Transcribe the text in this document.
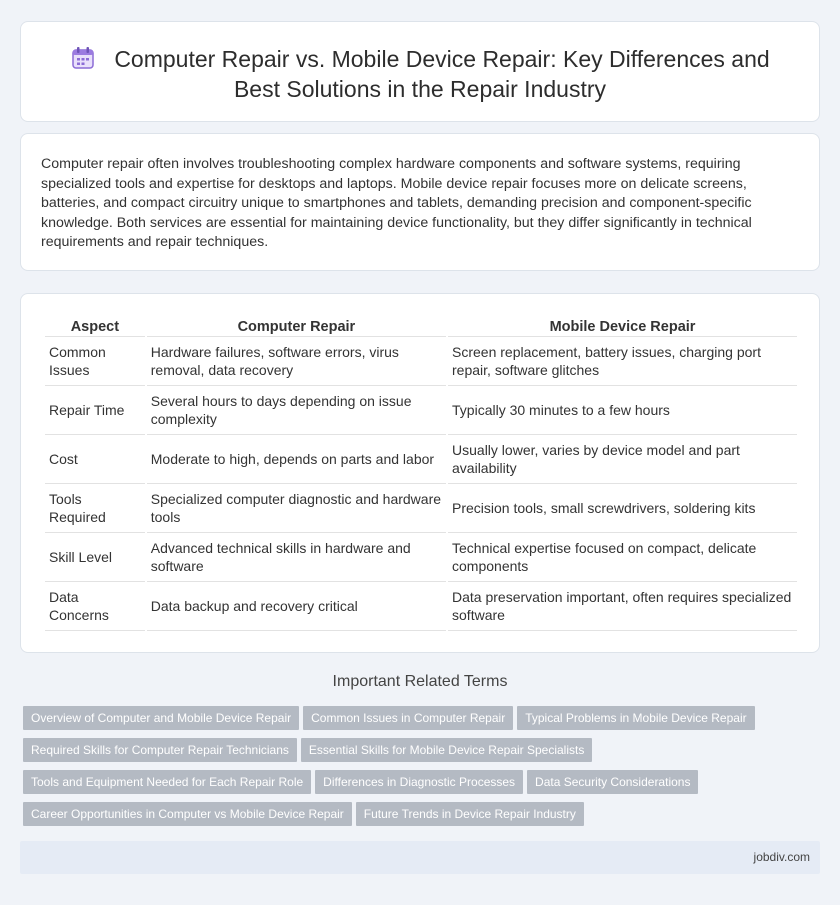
Computer Repair vs. Mobile Device Repair: Key Differences and
Best Solutions in the Repair Industry

Computer repair often involves troubleshooting complex hardware components and software systems, requiring specialized tools and expertise for desktops and laptops. Mobile device repair focuses more on delicate screens, batteries, and compact circuitry unique to smartphones and tablets, demanding precision and component-specific knowledge. Both services are essential for maintaining device functionality, but they differ significantly in technical requirements and repair techniques.

Aspect	Computer Repair	Mobile Device Repair
Common Issues	Hardware failures, software errors, virus removal, data recovery	Screen replacement, battery issues, charging port repair, software glitches
Repair Time	Several hours to days depending on issue complexity	Typically 30 minutes to a few hours
Cost	Moderate to high, depends on parts and labor	Usually lower, varies by device model and part availability
Tools Required	Specialized computer diagnostic and hardware tools	Precision tools, small screwdrivers, soldering kits
Skill Level	Advanced technical skills in hardware and software	Technical expertise focused on compact, delicate components
Data Concerns	Data backup and recovery critical	Data preservation important, often requires specialized software
Important Related Terms
Overview of Computer and Mobile Device Repair Common Issues in Computer Repair Typical Problems in Mobile Device Repair
Required Skills for Computer Repair Technicians Essential Skills for Mobile Device Repair Specialists
Tools and Equipment Needed for Each Repair Role Differences in Diagnostic Processes Data Security Considerations
Career Opportunities in Computer vs Mobile Device Repair Future Trends in Device Repair Industry
jobdiv.com
